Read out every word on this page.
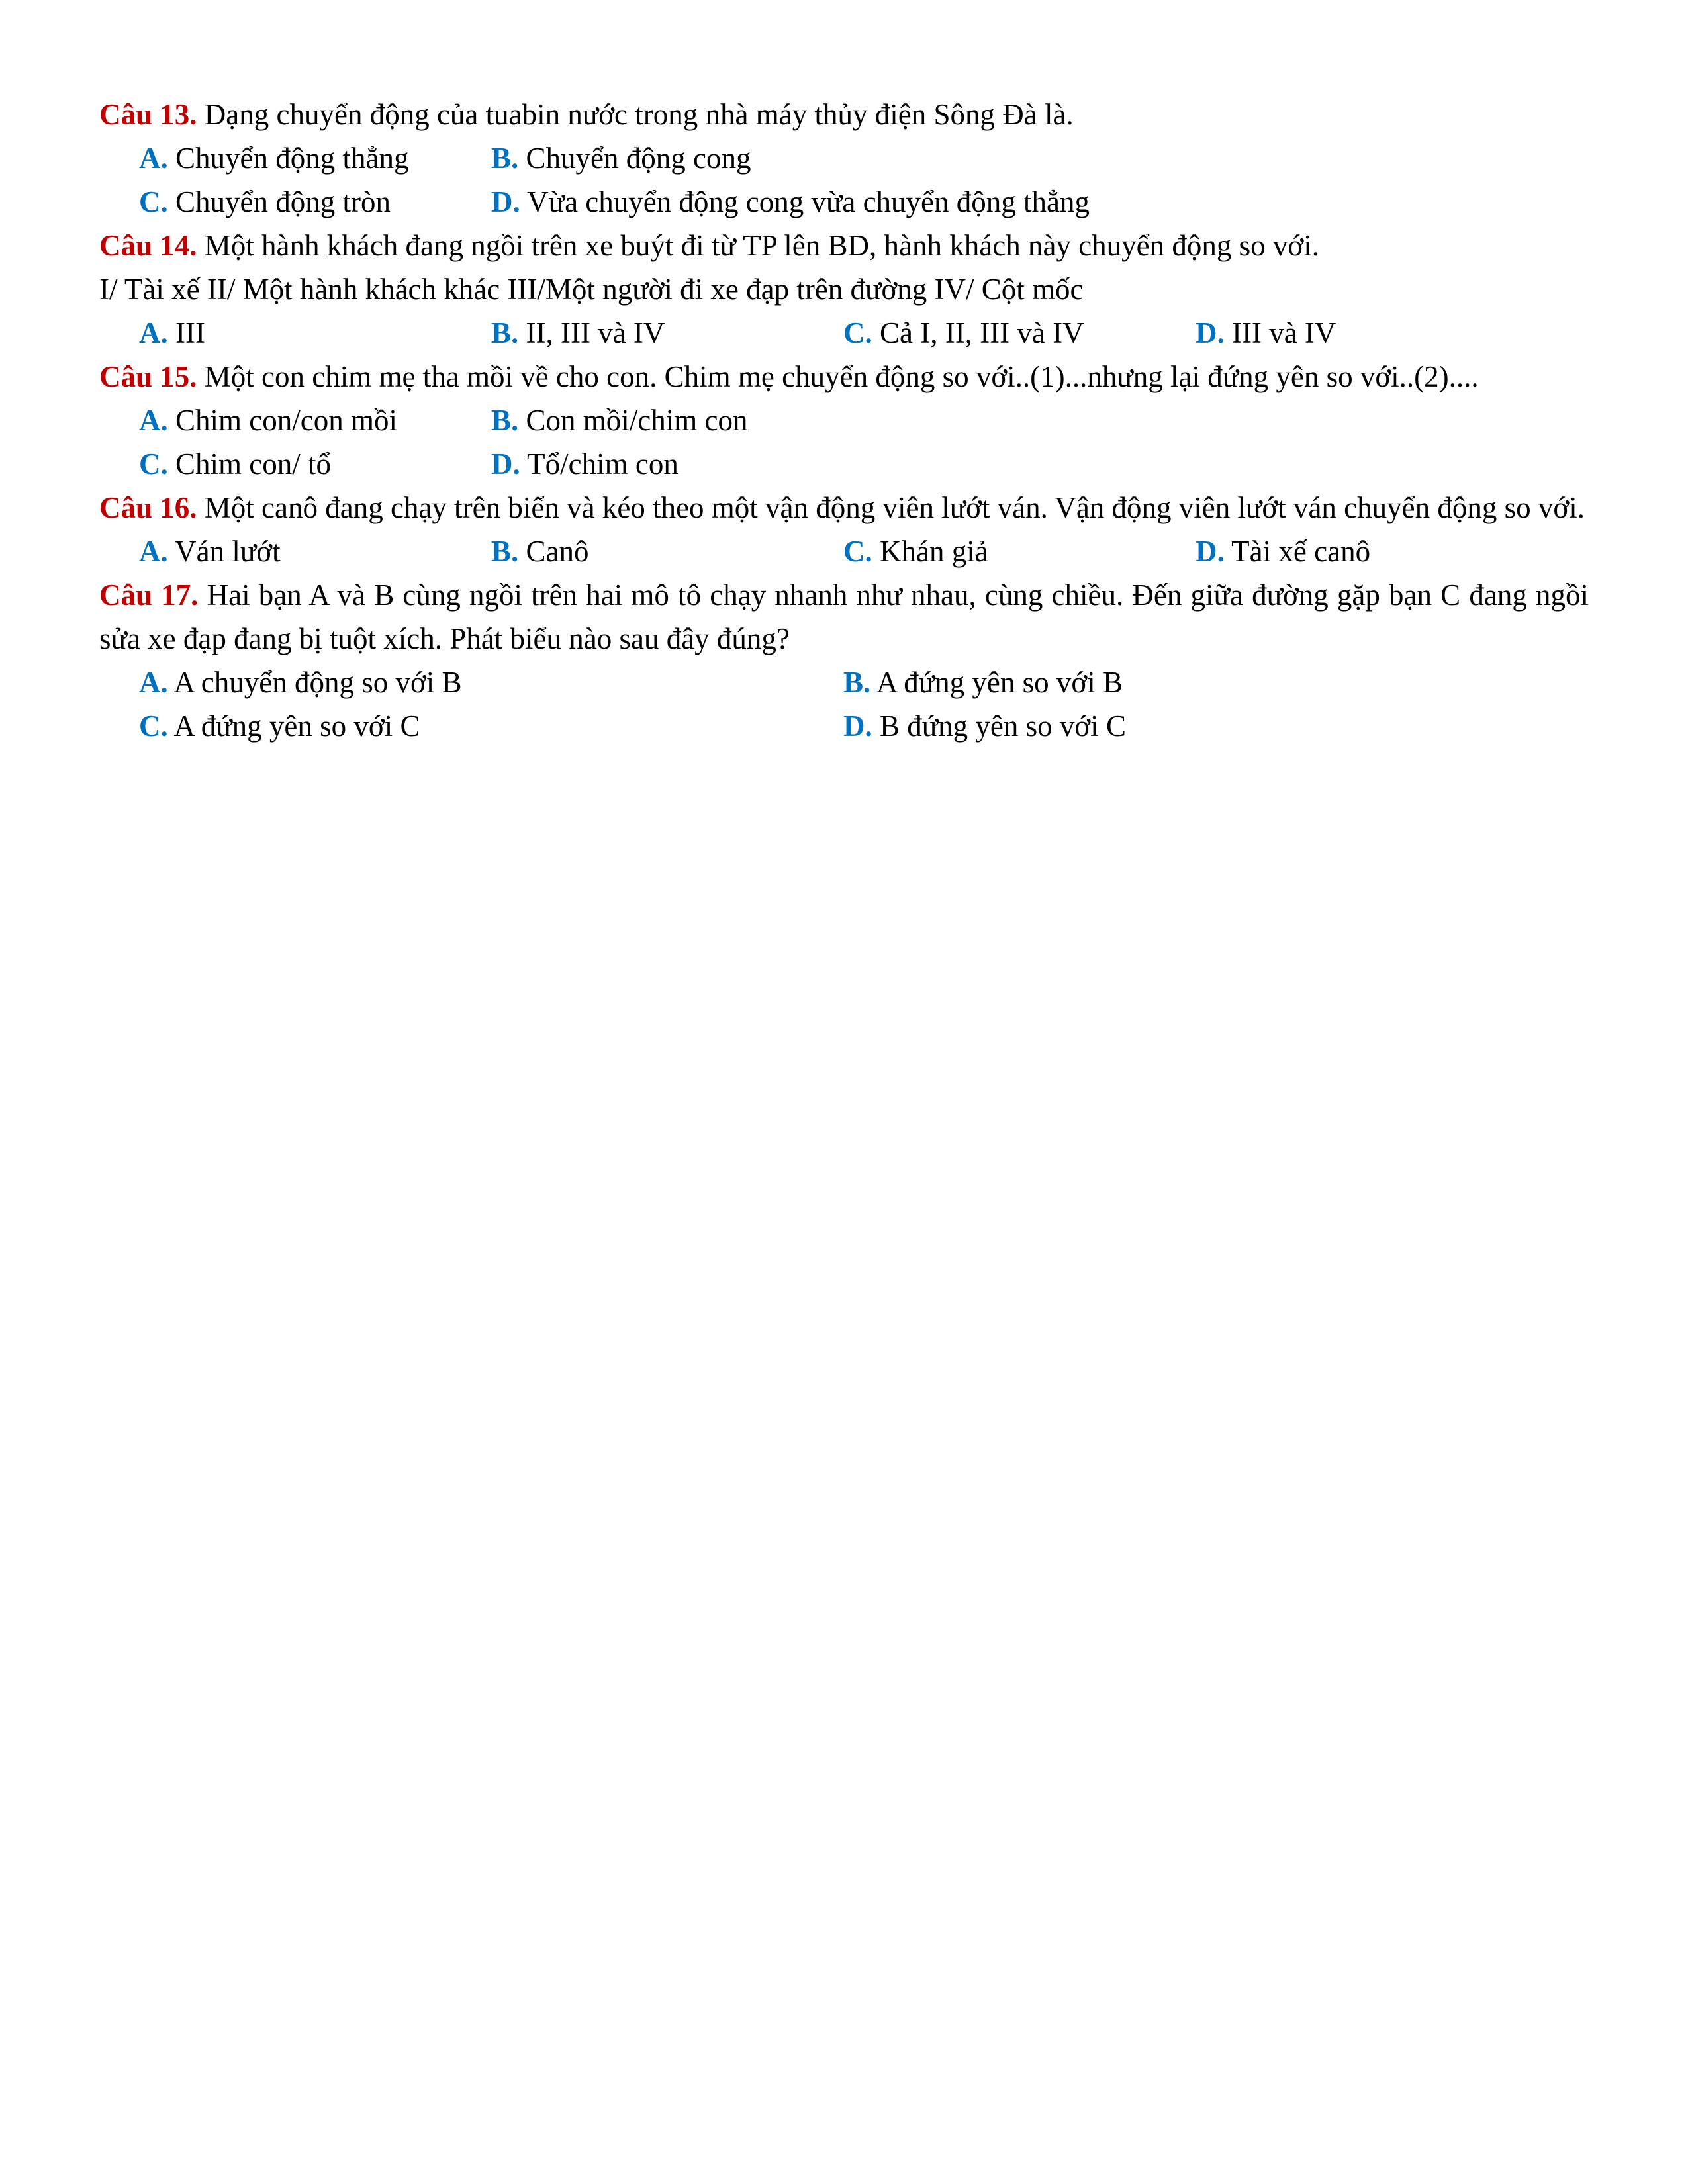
Câu 13. Dạng chuyển động của tuabin nước trong nhà máy thủy điện Sông Đà là.
A. Chuyển động thẳng	B. Chuyển động cong
C. Chuyển động tròn	D. Vừa chuyển động cong vừa chuyển động thẳng
Câu 14. Một hành khách đang ngồi trên xe buýt đi từ TP lên BD, hành khách này chuyển động so với.
I/ Tài xế II/ Một hành khách khác III/Một người đi xe đạp trên đường IV/ Cột mốc
A. III	B. II, III và IV	C. Cả I, II, III và IV	D. III và IV
Câu 15. Một con chim mẹ tha mồi về cho con. Chim mẹ chuyển động so với..(1)...nhưng lại đứng yên so với..(2)....
A. Chim con/con mồi	B. Con mồi/chim con
C. Chim con/ tổ	D. Tổ/chim con
Câu 16. Một canô đang chạy trên biển và kéo theo một vận động viên lướt ván. Vận động viên lướt ván chuyển động so với.
A. Ván lướt	B. Canô	C. Khán giả	D. Tài xế canô
Câu 17. Hai bạn A và B cùng ngồi trên hai mô tô chạy nhanh như nhau, cùng chiều. Đến giữa đường gặp bạn C đang ngồi sửa xe đạp đang bị tuột xích. Phát biểu nào sau đây đúng?
A. A chuyển động so với B	B. A đứng yên so với B
C. A đứng yên so với C	D. B đứng yên so với C
